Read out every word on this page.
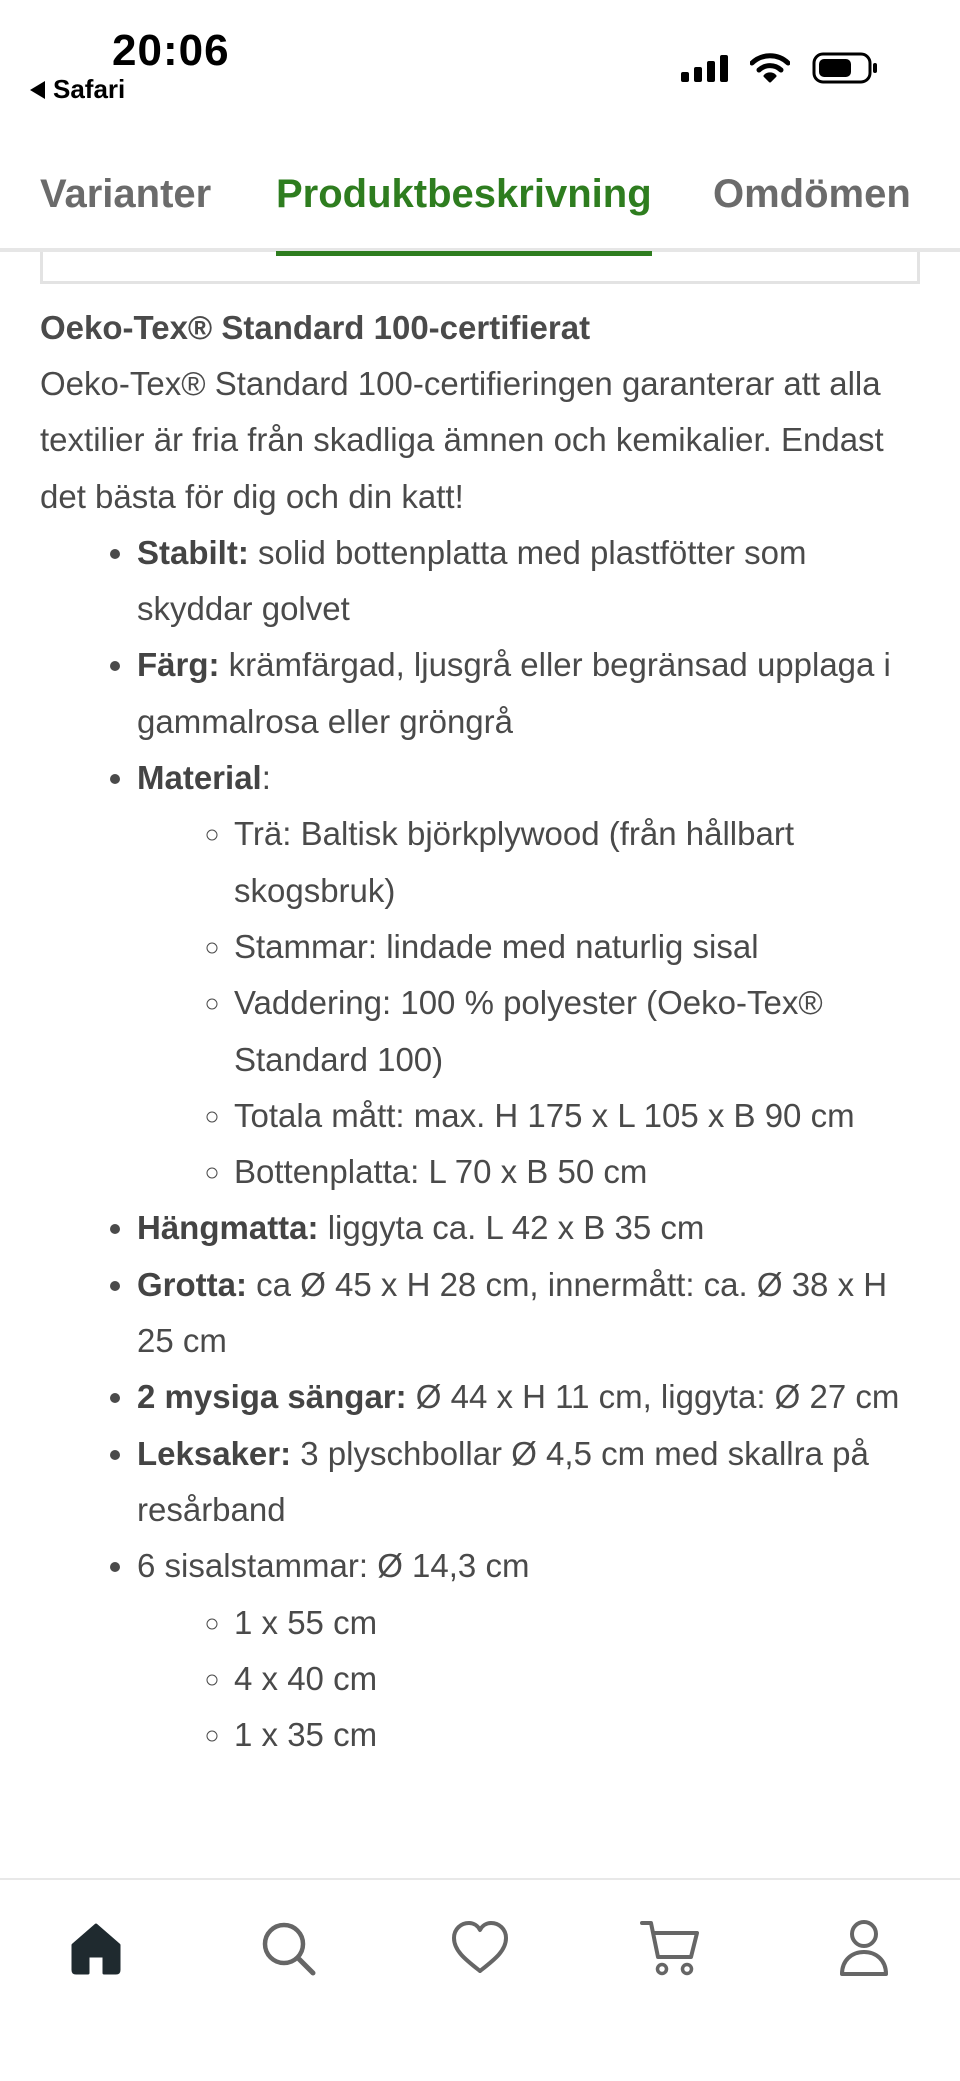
20:06
Safari
Varianter Produktbeskrivning Omdömen
Oeko-Tex® Standard 100-certifierat

Oeko-Tex® Standard 100-certifieringen garanterar att alla textilier är fria från skadliga ämnen och kemikalier. Endast det bästa för dig och din katt!

• Stabilt: solid bottenplatta med plastfötter som skyddar golvet
• Färg: krämfärgad, ljusgrå eller begränsad upplaga i gammalrosa eller gröngrå
• Material:
◦ Trä: Baltisk björkplywood (från hållbart skogsbruk)
◦ Stammar: lindade med naturlig sisal
◦ Vaddering: 100 % polyester (Oeko-Tex® Standard 100)
◦ Totala mått: max. H 175 x L 105 x B 90 cm
◦ Bottenplatta: L 70 x B 50 cm
• Hängmatta: liggyta ca. L 42 x B 35 cm
• Grotta: ca Ø 45 x H 28 cm, innermått: ca. Ø 38 x H 25 cm
• 2 mysiga sängar: Ø 44 x H 11 cm, liggyta: Ø 27 cm
• Leksaker: 3 plyschbollar Ø 4,5 cm med skallra på resårband
• 6 sisalstammar: Ø 14,3 cm
◦ 1 x 55 cm
◦ 4 x 40 cm
◦ 1 x 35 cm
